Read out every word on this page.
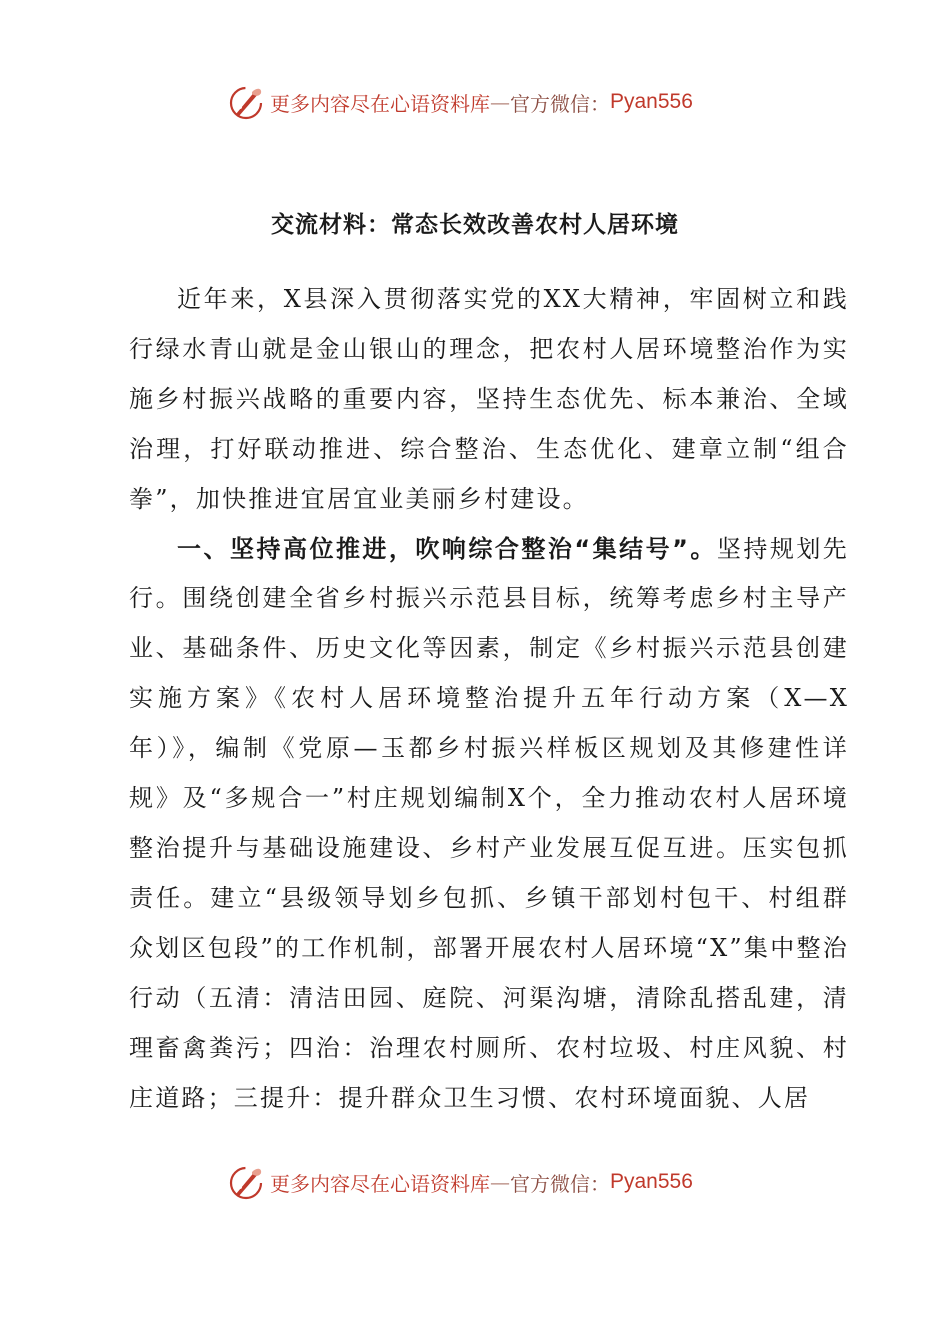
更多内容尽在心语资料库 — 官方微信： Pyan556
交流材料：常态长效改善农村人居环境

近年来，X县深入贯彻落实党的XX大精神，牢固树立和践行绿水青山就是金山银山的理念，把农村人居环境整治作为实施乡村振兴战略的重要内容，坚持生态优先、标本兼治、全域治理，打好联动推进、综合整治、生态优化、建章立制“组合拳”，加快推进宜居宜业美丽乡村建设。

一、坚持高位推进，吹响综合整治“集结号”。坚持规划先行。围绕创建全省乡村振兴示范县目标，统筹考虑乡村主导产业、基础条件、历史文化等因素，制定《乡村振兴示范县创建实施方案》《农村人居环境整治提升五年行动方案（X—X年）》，编制《党原—玉都乡村振兴样板区规划及其修建性详规》及“多规合一”村庄规划编制X个，全力推动农村人居环境整治提升与基础设施建设、乡村产业发展互促互进。压实包抓责任。建立“县级领导划乡包抓、乡镇干部划村包干、村组群众划区包段”的工作机制，部署开展农村人居环境“X”集中整治行动（五清：清洁田园、庭院、河渠沟塘，清除乱搭乱建，清理畜禽粪污；四治：治理农村厕所、农村垃圾、村庄风貌、村庄道路；三提升：提升群众卫生习惯、农村环境面貌、人居

更多内容尽在心语资料库 — 官方微信： Pyan556
